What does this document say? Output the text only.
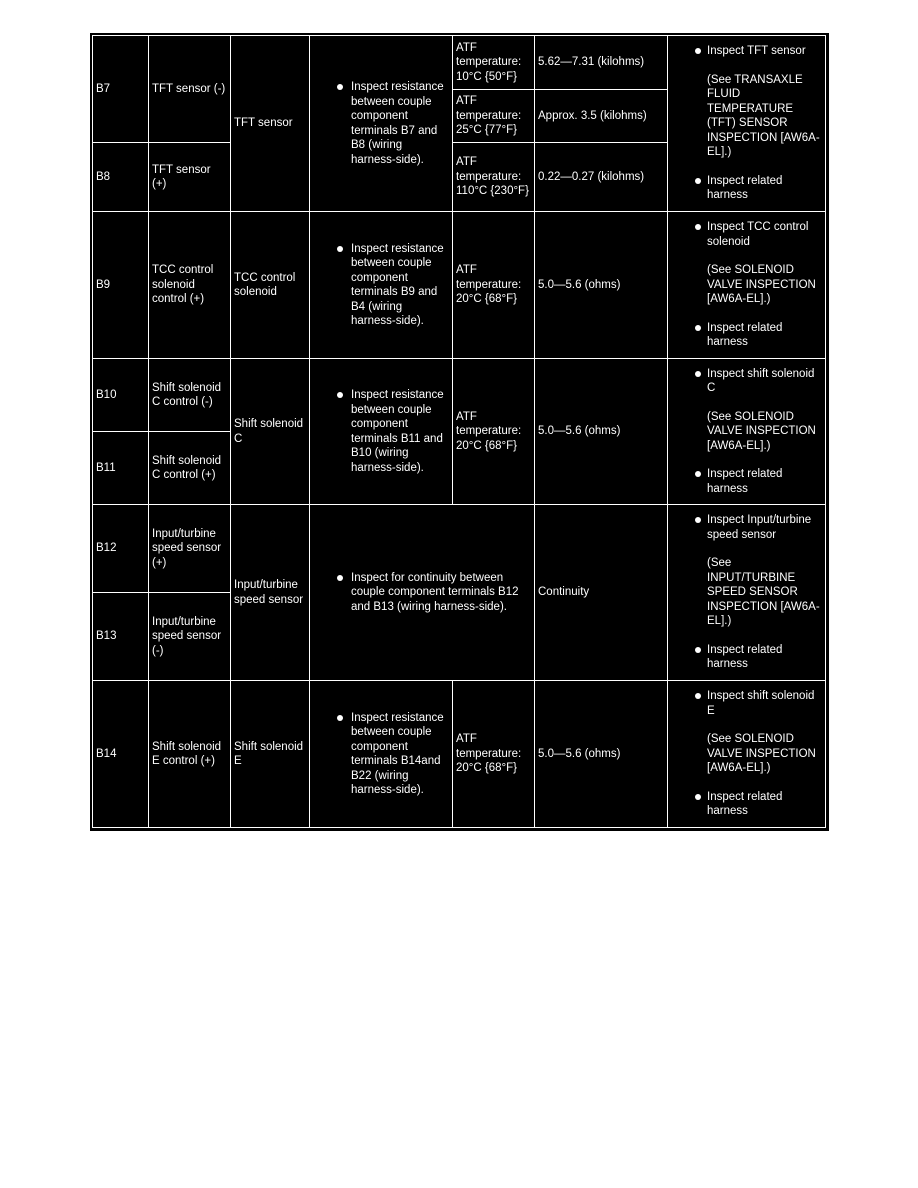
B7	TFT sensor (-)	TFT sensor	Inspect resistance between couple component terminals B7 and B8 (wiring harness-side).	ATF temperature: 10°C {50°F}	5.62—7.31 (kilohms)	Inspect TFT sensor

(See TRANSAXLE FLUID TEMPERATURE (TFT) SENSOR INSPECTION [AW6A-EL].)

Inspect related harness

				ATF temperature: 25°C {77°F}	Approx. 3.5 (kilohms)	
B8	TFT sensor (+)			ATF temperature: 110°C {230°F}	0.22—0.27 (kilohms)	
B9	TCC control solenoid control (+)	TCC control solenoid	Inspect resistance between couple component terminals B9 and B4 (wiring harness-side).	ATF temperature: 20°C {68°F}	5.0—5.6 (ohms)	Inspect TCC control solenoid

(See SOLENOID VALVE INSPECTION [AW6A-EL].)

Inspect related harness

B10	Shift solenoid C control (-)	Shift solenoid C	Inspect resistance between couple component terminals B11 and B10 (wiring harness-side).	ATF temperature: 20°C {68°F}	5.0—5.6 (ohms)	Inspect shift solenoid C

(See SOLENOID VALVE INSPECTION [AW6A-EL].)

Inspect related harness

B11	Shift solenoid C control (+)					
B12	Input/turbine speed sensor (+)	Input/turbine speed sensor	Inspect for continuity between couple component terminals B12 and B13 (wiring harness-side).		Continuity	Inspect Input/turbine speed sensor

(See INPUT/TURBINE SPEED SENSOR INSPECTION [AW6A-EL].)

Inspect related harness

B13	Input/turbine speed sensor (-)					
B14	Shift solenoid E control (+)	Shift solenoid E	Inspect resistance between couple component terminals B14and B22 (wiring harness-side).	ATF temperature: 20°C {68°F}	5.0—5.6 (ohms)	Inspect shift solenoid E

(See SOLENOID VALVE INSPECTION [AW6A-EL].)

Inspect related harness
